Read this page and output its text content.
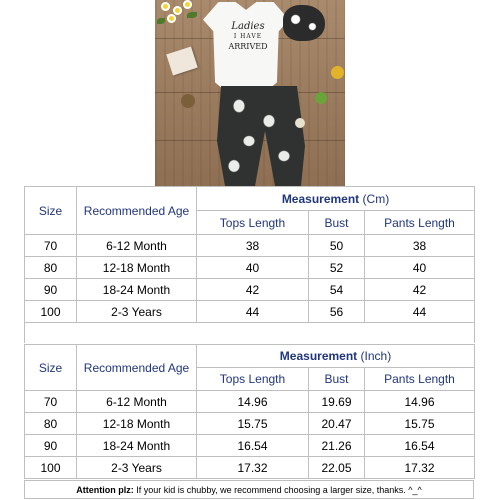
Ladies
I HAVE
ARRIVED
Size	Recommended Age	Measurement (Cm)		
		Tops Length	Bust	Pants Length
70	6-12 Month	38	50	38
80	12-18 Month	40	52	40
90	18-24 Month	42	54	42
100	2-3 Years	44	56	44

Size	Recommended Age	Measurement (Inch)		
		Tops Length	Bust	Pants Length
70	6-12 Month	14.96	19.69	14.96
80	12-18 Month	15.75	20.47	15.75
90	18-24 Month	16.54	21.26	16.54
100	2-3 Years	17.32	22.05	17.32
Attention plz: If your kid is chubby, we recommend choosing a larger size, thanks. ^_^
